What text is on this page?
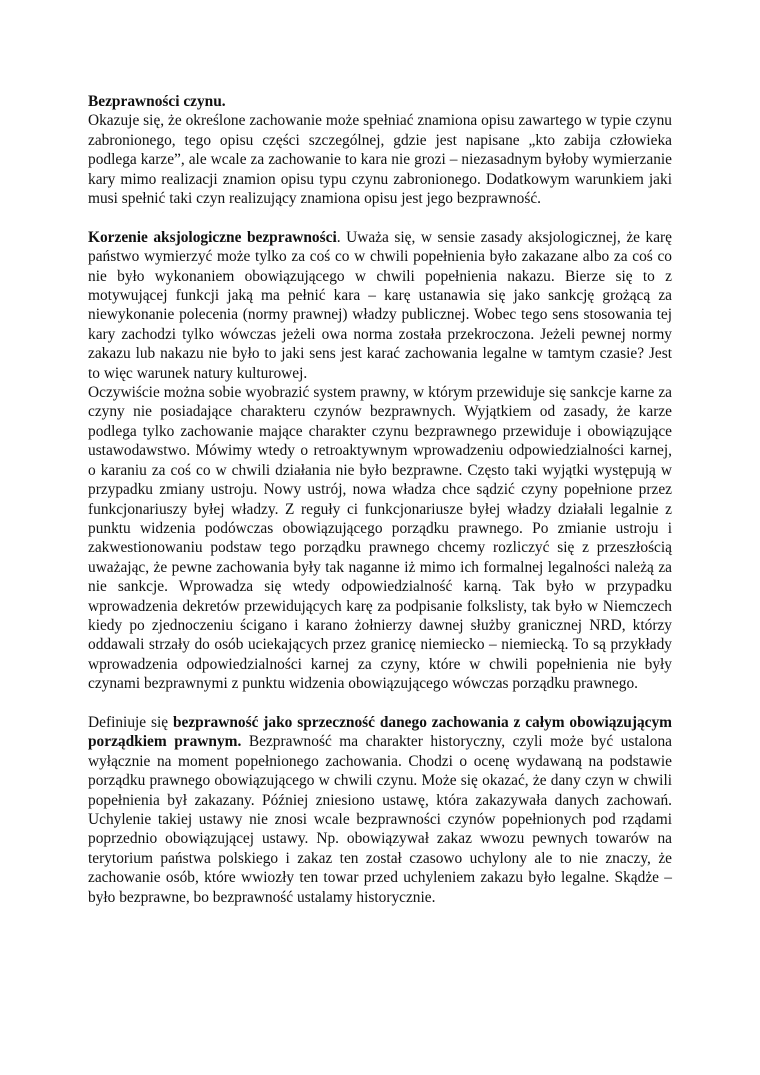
Bezprawności czynu.
Okazuje się, że określone zachowanie może spełniać znamiona opisu zawartego w typie czynu zabronionego, tego opisu części szczególnej, gdzie jest napisane „kto zabija człowieka podlega karze”, ale wcale za zachowanie to kara nie grozi – niezasadnym byłoby wymierzanie kary mimo realizacji znamion opisu typu czynu zabronionego. Dodatkowym warunkiem jaki musi spełnić taki czyn realizujący znamiona opisu jest jego bezprawność.

Korzenie aksjologiczne bezprawności. Uważa się, w sensie zasady aksjologicznej, że karę państwo wymierzyć może tylko za coś co w chwili popełnienia było zakazane albo za coś co nie było wykonaniem obowiązującego w chwili popełnienia nakazu. Bierze się to z motywującej funkcji jaką ma pełnić kara – karę ustanawia się jako sankcję grożącą za niewykonanie polecenia (normy prawnej) władzy publicznej. Wobec tego sens stosowania tej kary zachodzi tylko wówczas jeżeli owa norma została przekroczona. Jeżeli pewnej normy zakazu lub nakazu nie było to jaki sens jest karać zachowania legalne w tamtym czasie? Jest to więc warunek natury kulturowej.

Oczywiście można sobie wyobrazić system prawny, w którym przewiduje się sankcje karne za czyny nie posiadające charakteru czynów bezprawnych. Wyjątkiem od zasady, że karze podlega tylko zachowanie mające charakter czynu bezprawnego przewiduje i obowiązujące ustawodawstwo. Mówimy wtedy o retroaktywnym wprowadzeniu odpowiedzialności karnej, o karaniu za coś co w chwili działania nie było bezprawne. Często taki wyjątki występują w przypadku zmiany ustroju. Nowy ustrój, nowa władza chce sądzić czyny popełnione przez funkcjonariuszy byłej władzy. Z reguły ci funkcjonariusze byłej władzy działali legalnie z punktu widzenia podówczas obowiązującego porządku prawnego. Po zmianie ustroju i zakwestionowaniu podstaw tego porządku prawnego chcemy rozliczyć się z przeszłością uważając, że pewne zachowania były tak naganne iż mimo ich formalnej legalności należą za nie sankcje. Wprowadza się wtedy odpowiedzialność karną. Tak było w przypadku wprowadzenia dekretów przewidujących karę za podpisanie folkslisty, tak było w Niemczech kiedy po zjednoczeniu ścigano i karano żołnierzy dawnej służby granicznej NRD, którzy oddawali strzały do osób uciekających przez granicę niemiecko – niemiecką. To są przykłady wprowadzenia odpowiedzialności karnej za czyny, które w chwili popełnienia nie były czynami bezprawnymi z punktu widzenia obowiązującego wówczas porządku prawnego.

Definiuje się bezprawność jako sprzeczność danego zachowania z całym obowiązującym porządkiem prawnym. Bezprawność ma charakter historyczny, czyli może być ustalona wyłącznie na moment popełnionego zachowania. Chodzi o ocenę wydawaną na podstawie porządku prawnego obowiązującego w chwili czynu. Może się okazać, że dany czyn w chwili popełnienia był zakazany. Później zniesiono ustawę, która zakazywała danych zachowań. Uchylenie takiej ustawy nie znosi wcale bezprawności czynów popełnionych pod rządami poprzednio obowiązującej ustawy. Np. obowiązywał zakaz wwozu pewnych towarów na terytorium państwa polskiego i zakaz ten został czasowo uchylony ale to nie znaczy, że zachowanie osób, które wwiozły ten towar przed uchyleniem zakazu było legalne. Skądże – było bezprawne, bo bezprawność ustalamy historycznie.
